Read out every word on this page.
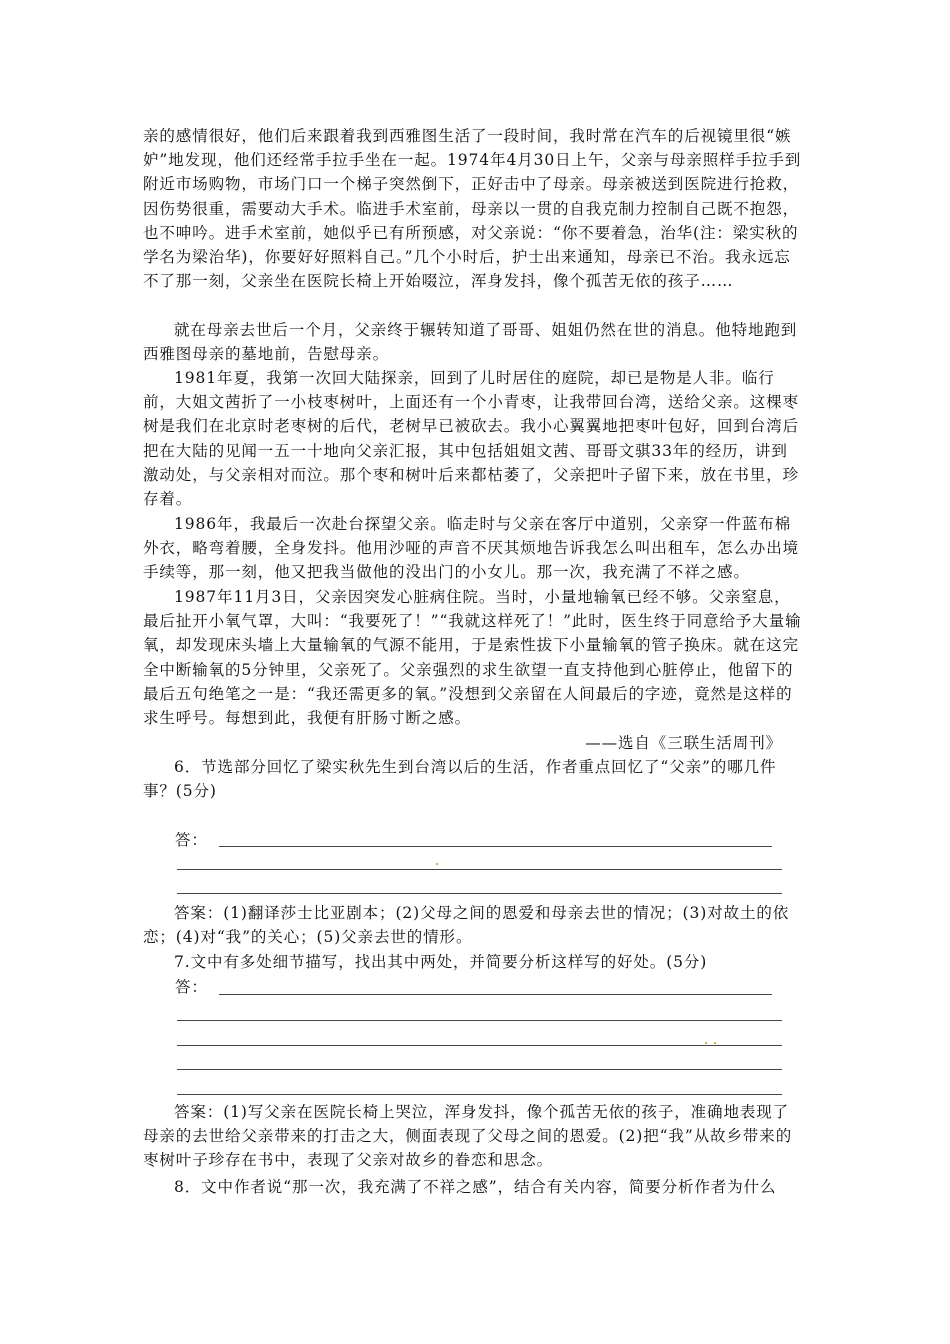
亲的感情很好，他们后来跟着我到西雅图生活了一段时间，我时常在汽车的后视镜里很“嫉妒”地发现，他们还经常手拉手坐在一起。1974年4月30日上午，父亲与母亲照样手拉手到附近市场购物，市场门口一个梯子突然倒下，正好击中了母亲。母亲被送到医院进行抢救，因伤势很重，需要动大手术。临进手术室前，母亲以一贯的自我克制力控制自己既不抱怨，也不呻吟。进手术室前，她似乎已有所预感，对父亲说：“你不要着急，治华(注：梁实秋的学名为梁治华)，你要好好照料自己。”几个小时后，护士出来通知，母亲已不治。我永远忘不了那一刻，父亲坐在医院长椅上开始啜泣，浑身发抖，像个孤苦无依的孩子……

就在母亲去世后一个月，父亲终于辗转知道了哥哥、姐姐仍然在世的消息。他特地跑到西雅图母亲的墓地前，告慰母亲。

1981年夏，我第一次回大陆探亲，回到了儿时居住的庭院，却已是物是人非。临行前，大姐文茜折了一小枝枣树叶，上面还有一个小青枣，让我带回台湾，送给父亲。这棵枣树是我们在北京时老枣树的后代，老树早已被砍去。我小心翼翼地把枣叶包好，回到台湾后把在大陆的见闻一五一十地向父亲汇报，其中包括姐姐文茜、哥哥文骐33年的经历，讲到激动处，与父亲相对而泣。那个枣和树叶后来都枯萎了，父亲把叶子留下来，放在书里，珍存着。

1986年，我最后一次赴台探望父亲。临走时与父亲在客厅中道别，父亲穿一件蓝布棉外衣，略弯着腰，全身发抖。他用沙哑的声音不厌其烦地告诉我怎么叫出租车，怎么办出境手续等，那一刻，他又把我当做他的没出门的小女儿。那一次，我充满了不祥之感。

1987年11月3日，父亲因突发心脏病住院。当时，小量地输氧已经不够。父亲窒息，最后扯开小氧气罩，大叫：“我要死了！”“我就这样死了！”此时，医生终于同意给予大量输氧，却发现床头墙上大量输氧的气源不能用，于是索性拔下小量输氧的管子换床。就在这完全中断输氧的5分钟里，父亲死了。父亲强烈的求生欲望一直支持他到心脏停止，他留下的最后五句绝笔之一是：“我还需更多的氧。”没想到父亲留在人间最后的字迹，竟然是这样的求生呼号。每想到此，我便有肝肠寸断之感。

——选自《三联生活周刊》

6．节选部分回忆了梁实秋先生到台湾以后的生活，作者重点回忆了“父亲”的哪几件事？(5分)

答：

答案：(1)翻译莎士比亚剧本；(2)父母之间的恩爱和母亲去世的情况；(3)对故土的依恋；(4)对“我”的关心；(5)父亲去世的情形。

7.文中有多处细节描写，找出其中两处，并简要分析这样写的好处。(5分)

答：

答案：(1)写父亲在医院长椅上哭泣，浑身发抖，像个孤苦无依的孩子，准确地表现了母亲的去世给父亲带来的打击之大，侧面表现了父母之间的恩爱。(2)把“我”从故乡带来的枣树叶子珍存在书中，表现了父亲对故乡的眷恋和思念。

8．文中作者说“那一次，我充满了不祥之感”，结合有关内容，简要分析作者为什么
